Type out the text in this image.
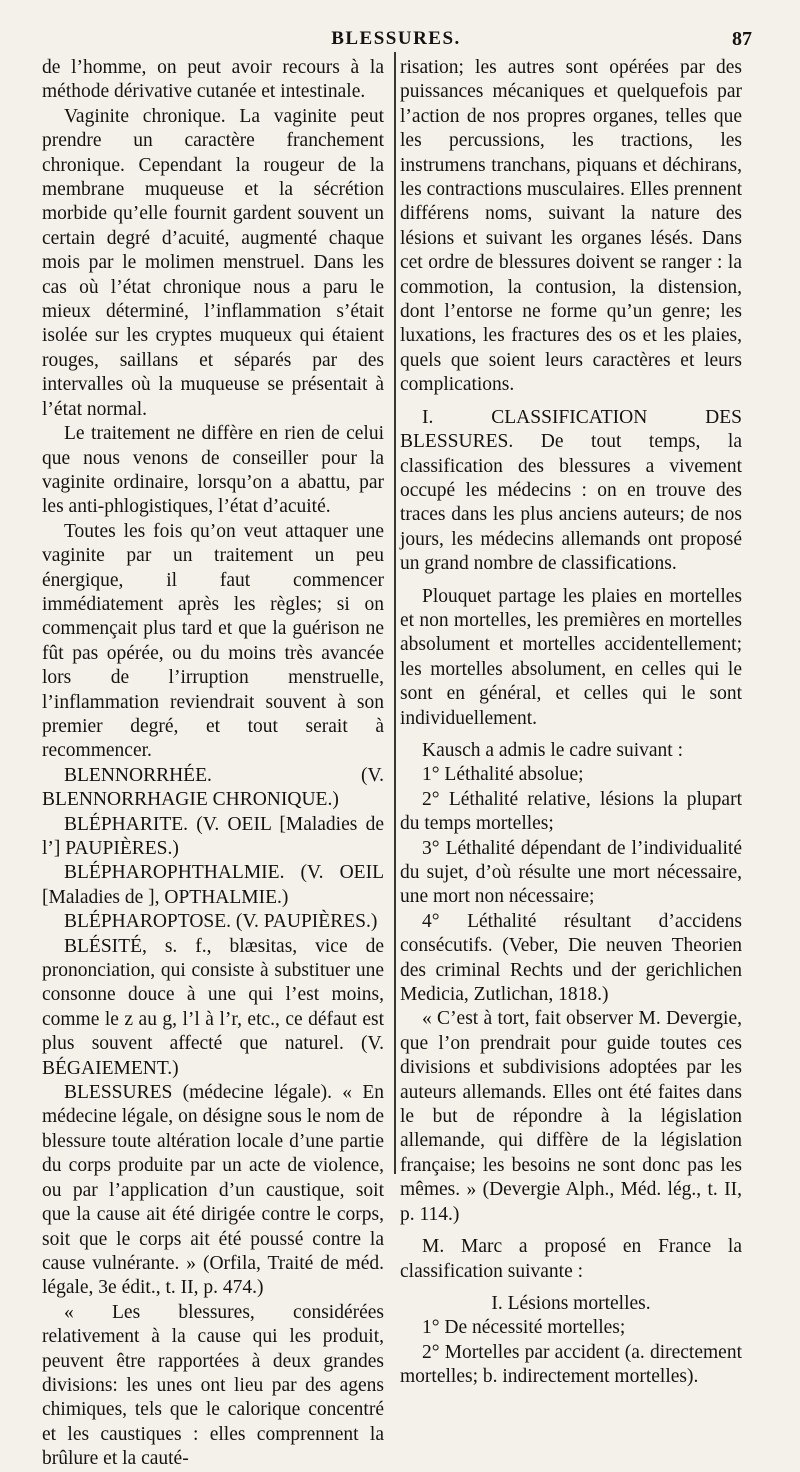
BLESSURES.	87

de l’homme, on peut avoir recours à la méthode dérivative cutanée et intestinale.

Vaginite chronique. La vaginite peut prendre un caractère franchement chronique. Cependant la rougeur de la membrane muqueuse et la sécrétion morbide qu’elle fournit gardent souvent un certain degré d’acuité, augmenté chaque mois par le molimen menstruel. Dans les cas où l’état chronique nous a paru le mieux déterminé, l’inflammation s’était isolée sur les cryptes muqueux qui étaient rouges, saillans et séparés par des intervalles où la muqueuse se présentait à l’état normal.

Le traitement ne diffère en rien de celui que nous venons de conseiller pour la vaginite ordinaire, lorsqu’on a abattu, par les anti-phlogistiques, l’état d’acuité.

Toutes les fois qu’on veut attaquer une vaginite par un traitement un peu énergique, il faut commencer immédiatement après les règles; si on commençait plus tard et que la guérison ne fût pas opérée, ou du moins très avancée lors de l’irruption menstruelle, l’inflammation reviendrait souvent à son premier degré, et tout serait à recommencer.

BLENNORRHÉE. (V. BLENNORRHAGIE CHRONIQUE.)

BLÉPHARITE. (V. OEIL [Maladies de l’] PAUPIÈRES.)

BLÉPHAROPHTHALMIE. (V. OEIL [Maladies de ], OPTHALMIE.)

BLÉPHAROPTOSE. (V. PAUPIÈRES.)

BLÉSITÉ, s. f., blæsitas, vice de prononciation, qui consiste à substituer une consonne douce à une qui l’est moins, comme le z au g, l’l à l’r, etc., ce défaut est plus souvent affecté que naturel. (V. BÉGAIEMENT.)

BLESSURES (médecine légale). « En médecine légale, on désigne sous le nom de blessure toute altération locale d’une partie du corps produite par un acte de violence, ou par l’application d’un caustique, soit que la cause ait été dirigée contre le corps, soit que le corps ait été poussé contre la cause vulnérante. » (Orfila, Traité de méd. légale, 3e édit., t. II, p. 474.)

« Les blessures, considérées relativement à la cause qui les produit, peuvent être rapportées à deux grandes divisions: les unes ont lieu par des agens chimiques, tels que le calorique concentré et les caustiques : elles comprennent la brûlure et la cauté-

risation; les autres sont opérées par des puissances mécaniques et quelquefois par l’action de nos propres organes, telles que les percussions, les tractions, les instrumens tranchans, piquans et déchirans, les contractions musculaires. Elles prennent différens noms, suivant la nature des lésions et suivant les organes lésés. Dans cet ordre de blessures doivent se ranger : la commotion, la contusion, la distension, dont l’entorse ne forme qu’un genre; les luxations, les fractures des os et les plaies, quels que soient leurs caractères et leurs complications.

I. CLASSIFICATION DES BLESSURES. De tout temps, la classification des blessures a vivement occupé les médecins : on en trouve des traces dans les plus anciens auteurs; de nos jours, les médecins allemands ont proposé un grand nombre de classifications.

Plouquet partage les plaies en mortelles et non mortelles, les premières en mortelles absolument et mortelles accidentellement; les mortelles absolument, en celles qui le sont en général, et celles qui le sont individuellement.

Kausch a admis le cadre suivant :

1° Léthalité absolue;

2° Léthalité relative, lésions la plupart du temps mortelles;

3° Léthalité dépendant de l’individualité du sujet, d’où résulte une mort nécessaire, une mort non nécessaire;

4° Léthalité résultant d’accidens consécutifs. (Veber, Die neuven Theorien des criminal Rechts und der gerichlichen Medicia, Zutlichan, 1818.)

« C’est à tort, fait observer M. Devergie, que l’on prendrait pour guide toutes ces divisions et subdivisions adoptées par les auteurs allemands. Elles ont été faites dans le but de répondre à la législation allemande, qui diffère de la législation française; les besoins ne sont donc pas les mêmes. » (Devergie Alph., Méd. lég., t. II, p. 114.)

M. Marc a proposé en France la classification suivante :

I. Lésions mortelles.

1° De nécessité mortelles;

2° Mortelles par accident (a. directement mortelles; b. indirectement mortelles).
